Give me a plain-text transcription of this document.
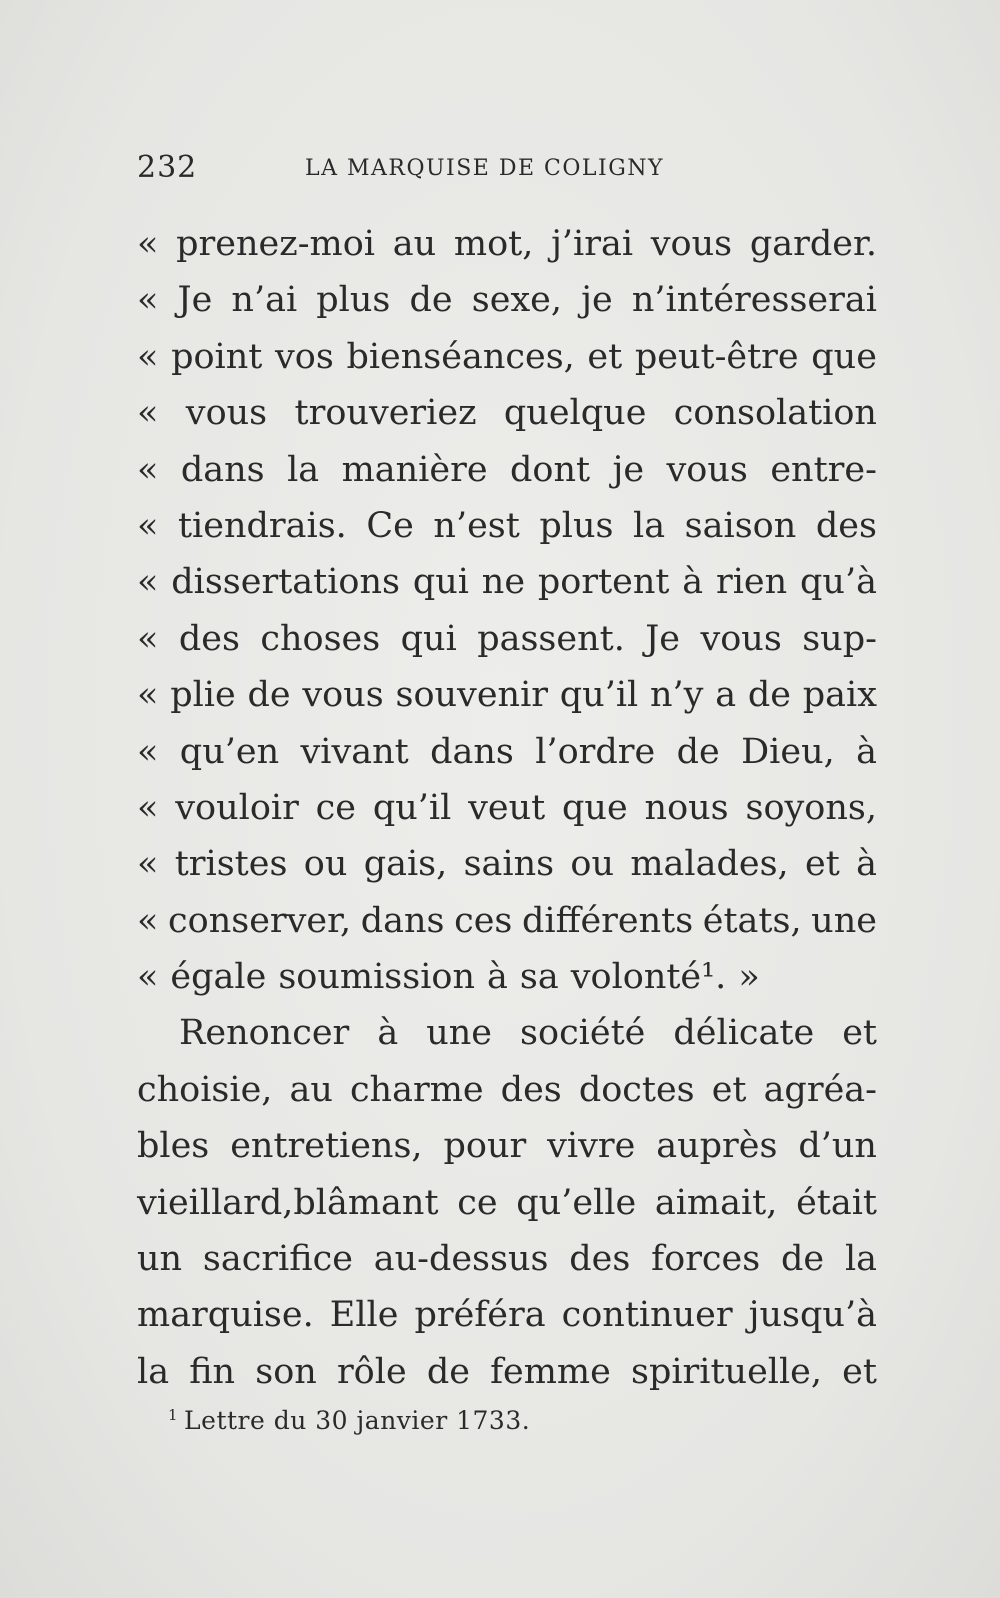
232	LA MARQUISE DE COLIGNY
« prenez-moi au mot, j’irai vous garder.
« Je n’ai plus de sexe, je n’intéresserai
« point vos bienséances, et peut-être que
« vous trouveriez quelque consolation
« dans la manière dont je vous entre-
« tiendrais. Ce n’est plus la saison des
« dissertations qui ne portent à rien qu’à
« des choses qui passent. Je vous sup-
« plie de vous souvenir qu’il n’y a de paix
« qu’en vivant dans l’ordre de Dieu, à
« vouloir ce qu’il veut que nous soyons,
« tristes ou gais, sains ou malades, et à
« conserver, dans ces différents états, une
« égale soumission à sa volonté¹. »
Renoncer à une société délicate et
choisie, au charme des doctes et agréa-
bles entretiens, pour vivre auprès d’un
vieillard,blâmant ce qu’elle aimait, était
un sacrifice au-dessus des forces de la
marquise. Elle préféra continuer jusqu’à
la fin son rôle de femme spirituelle, et
$^1$ Lettre du 30 janvier 1733.
